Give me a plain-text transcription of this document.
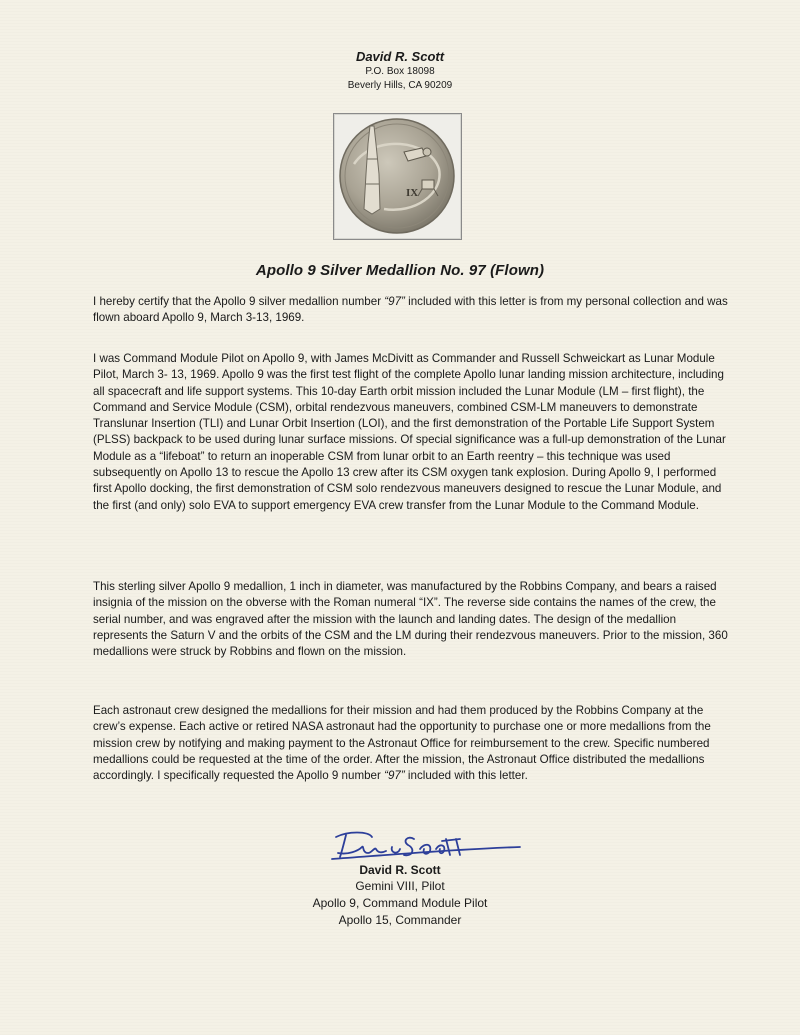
David R. Scott
P.O. Box 18098
Beverly Hills, CA 90209
IX
Apollo 9 Silver Medallion No. 97 (Flown)

I hereby certify that the Apollo 9 silver medallion number “97” included with this letter is from my personal collection and was flown aboard Apollo 9, March 3-13, 1969.

I was Command Module Pilot on Apollo 9, with James McDivitt as Commander and Russell Schweickart as Lunar Module Pilot, March 3- 13, 1969. Apollo 9 was the first test flight of the complete Apollo lunar landing mission architecture, including all spacecraft and life support systems. This 10-day Earth orbit mission included the Lunar Module (LM – first flight), the Command and Service Module (CSM), orbital rendezvous maneuvers, combined CSM-LM maneuvers to demonstrate Translunar Insertion (TLI) and Lunar Orbit Insertion (LOI), and the first demonstration of the Portable Life Support System (PLSS) backpack to be used during lunar surface missions. Of special significance was a full-up demonstration of the Lunar Module as a “lifeboat” to return an inoperable CSM from lunar orbit to an Earth reentry – this technique was used subsequently on Apollo 13 to rescue the Apollo 13 crew after its CSM oxygen tank explosion. During Apollo 9, I performed first Apollo docking, the first demonstration of CSM solo rendezvous maneuvers designed to rescue the Lunar Module, and the first (and only) solo EVA to support emergency EVA crew transfer from the Lunar Module to the Command Module.

This sterling silver Apollo 9 medallion, 1 inch in diameter, was manufactured by the Robbins Company, and bears a raised insignia of the mission on the obverse with the Roman numeral “IX”. The reverse side contains the names of the crew, the serial number, and was engraved after the mission with the launch and landing dates. The design of the medallion represents the Saturn V and the orbits of the CSM and the LM during their rendezvous maneuvers. Prior to the mission, 360 medallions were struck by Robbins and flown on the mission.

Each astronaut crew designed the medallions for their mission and had them produced by the Robbins Company at the crew’s expense. Each active or retired NASA astronaut had the opportunity to purchase one or more medallions from the mission crew by notifying and making payment to the Astronaut Office for reimbursement to the crew. Specific numbered medallions could be requested at the time of the order. After the mission, the Astronaut Office distributed the medallions accordingly. I specifically requested the Apollo 9 number “97” included with this letter.

David R. Scott
Gemini VIII, Pilot
Apollo 9, Command Module Pilot
Apollo 15, Commander
